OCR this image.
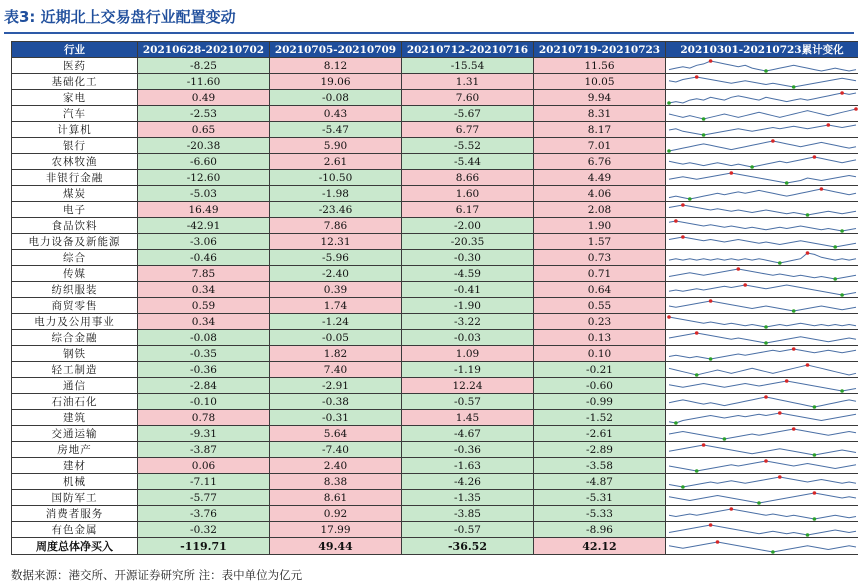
表3: 近期北上交易盘行业配置变动
行业	20210628-20210702	20210705-20210709	20210712-20210716	20210719-20210723	20210301-20210723累计变化
医药	-8.25	8.12	-15.54	11.56	

基础化工	-11.60	19.06	1.31	10.05	

家电	0.49	-0.08	7.60	9.94	

汽车	-2.53	0.43	-5.67	8.31	

计算机	0.65	-5.47	6.77	8.17	

银行	-20.38	5.90	-5.52	7.01	

农林牧渔	-6.60	2.61	-5.44	6.76	

非银行金融	-12.60	-10.50	8.66	4.49	

煤炭	-5.03	-1.98	1.60	4.06	

电子	16.49	-23.46	6.17	2.08	

食品饮料	-42.91	7.86	-2.00	1.90	

电力设备及新能源	-3.06	12.31	-20.35	1.57	

综合	-0.46	-5.96	-0.30	0.73	

传媒	7.85	-2.40	-4.59	0.71	

纺织服装	0.34	0.39	-0.41	0.64	

商贸零售	0.59	1.74	-1.90	0.55	

电力及公用事业	0.34	-1.24	-3.22	0.23	

综合金融	-0.08	-0.05	-0.03	0.13	

钢铁	-0.35	1.82	1.09	0.10	

轻工制造	-0.36	7.40	-1.19	-0.21	

通信	-2.84	-2.91	12.24	-0.60	

石油石化	-0.10	-0.38	-0.57	-0.99	

建筑	0.78	-0.31	1.45	-1.52	

交通运输	-9.31	5.64	-4.67	-2.61	

房地产	-3.87	-7.40	-0.36	-2.89	

建材	0.06	2.40	-1.63	-3.58	

机械	-7.11	8.38	-4.26	-4.87	

国防军工	-5.77	8.61	-1.35	-5.31	

消费者服务	-3.76	0.92	-3.85	-5.33	

有色金属	-0.32	17.99	-0.57	-8.96	

周度总体净买入	-119.71	49.44	-36.52	42.12	
数据来源：港交所、开源证券研究所 注：表中单位为亿元
